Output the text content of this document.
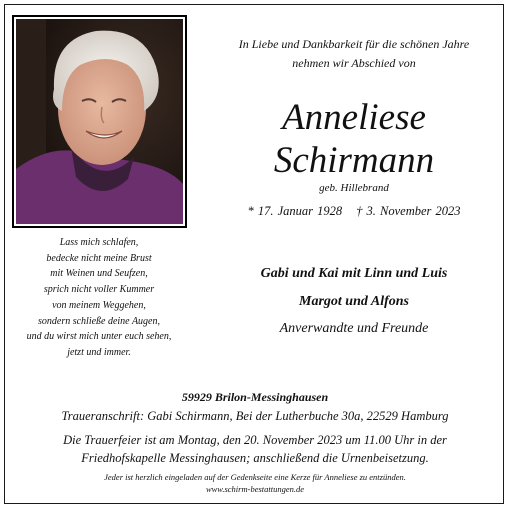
Lass mich schlafen,
bedecke nicht meine Brust
mit Weinen und Seufzen,
sprich nicht voller Kummer
von meinem Weggehen,
sondern schließe deine Augen,
und du wirst mich unter euch sehen,
jetzt und immer.
In Liebe und Dankbarkeit für die schönen Jahre
nehmen wir Abschied von
Anneliese
Schirmann
geb. Hillebrand
* 17. Januar 1928 † 3. November 2023
Gabi und Kai mit Linn und Luis
Margot und Alfons
Anverwandte und Freunde
59929 Brilon-Messinghausen
Traueranschrift: Gabi Schirmann, Bei der Lutherbuche 30a, 22529 Hamburg
Die Trauerfeier ist am Montag, den 20. November 2023 um 11.00 Uhr in der
Friedhofskapelle Messinghausen; anschließend die Urnenbeisetzung.
Jeder ist herzlich eingeladen auf der Gedenkseite eine Kerze für Anneliese zu entzünden.
www.schirm-bestattungen.de
